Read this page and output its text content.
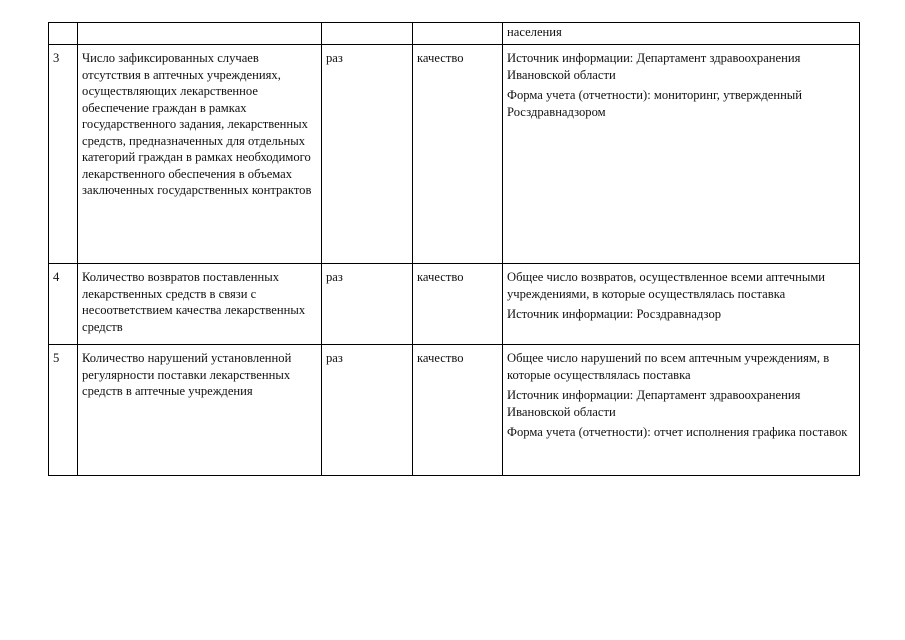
				населения
3	Число зафиксированных случаев отсутствия в аптечных учреждениях, осуществляющих лекарственное обеспечение граждан в рамках государственного задания, лекарственных средств, предназначенных для отдельных категорий граждан в рамках необходимого лекарственного обеспечения в объемах заключенных государственных контрактов	раз	качество	Источник информации: Департамент здравоохранения Ивановской области
Форма учета (отчетности): мониторинг, утвержденный Росздравнадзором

4	Количество возвратов поставленных лекарственных средств в связи с несоответствием качества лекарственных средств	раз	качество	Общее число возвратов, осуществленное всеми аптечными учреждениями, в которые осуществлялась поставка
Источник информации: Росздравнадзор

5	Количество нарушений установленной регулярности поставки лекарственных средств в аптечные учреждения	раз	качество	Общее число нарушений по всем аптечным учреждениям, в которые осуществлялась поставка
Источник информации: Департамент здравоохранения Ивановской области
Форма учета (отчетности): отчет исполнения графика поставок
